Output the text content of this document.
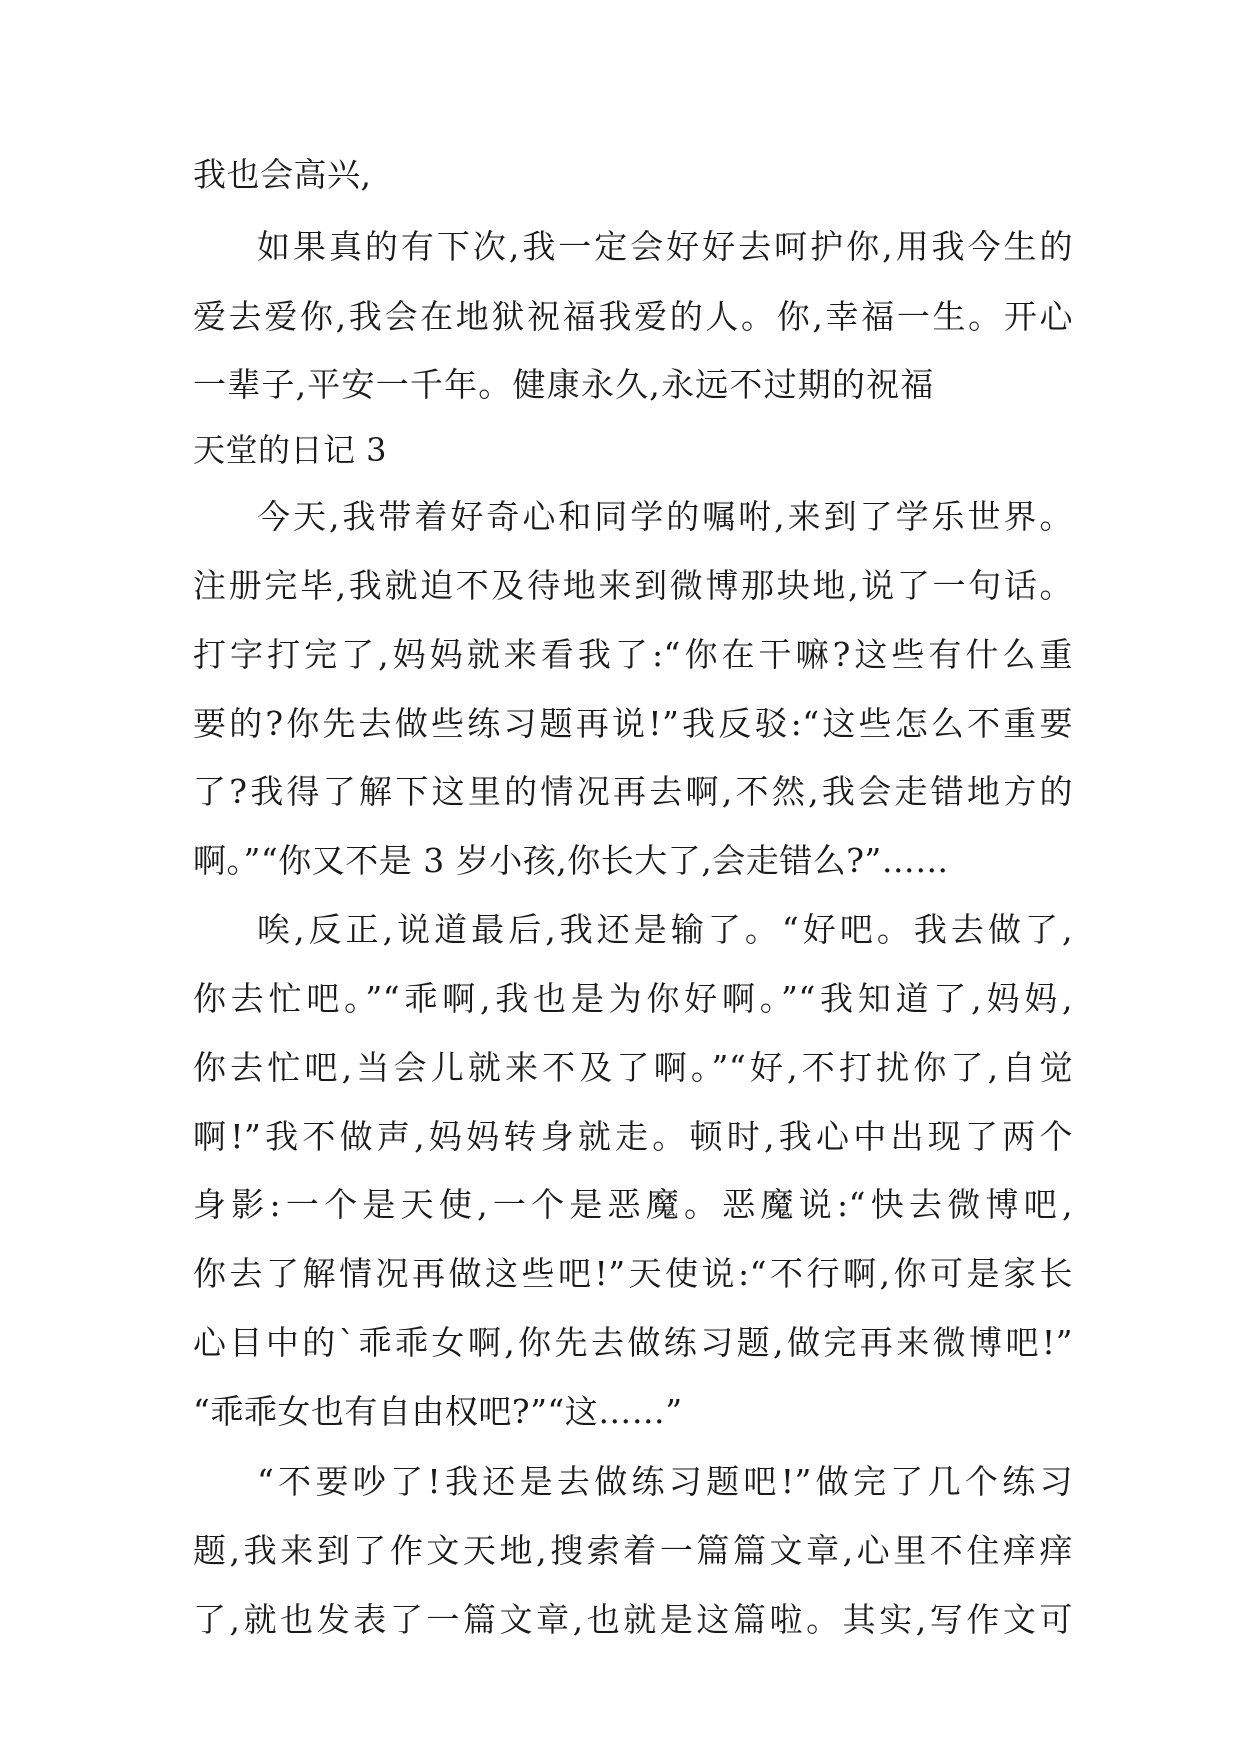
我也会高兴,
如果真的有下次,我一定会好好去呵护你,用我今生的
爱去爱你,我会在地狱祝福我爱的人。你,幸福一生。开心
一辈子,平安一千年。健康永久,永远不过期的祝福
天堂的日记 3
今天,我带着好奇心和同学的嘱咐,来到了学乐世界。
注册完毕,我就迫不及待地来到微博那块地,说了一句话。
打字打完了,妈妈就来看我了:“你在干嘛?这些有什么重
要的?你先去做些练习题再说!”我反驳:“这些怎么不重要
了?我得了解下这里的情况再去啊,不然,我会走错地方的
啊。”“你又不是 3 岁小孩,你长大了,会走错么?”……
唉,反正,说道最后,我还是输了。“好吧。我去做了,
你去忙吧。”“乖啊,我也是为你好啊。”“我知道了,妈妈,
你去忙吧,当会儿就来不及了啊。”“好,不打扰你了,自觉
啊!”我不做声,妈妈转身就走。顿时,我心中出现了两个
身影:一个是天使,一个是恶魔。恶魔说:“快去微博吧,
你去了解情况再做这些吧!”天使说:“不行啊,你可是家长
心目中的`乖乖女啊,你先去做练习题,做完再来微博吧!”
“乖乖女也有自由权吧?”“这……”
“不要吵了!我还是去做练习题吧!”做完了几个练习
题,我来到了作文天地,搜索着一篇篇文章,心里不住痒痒
了,就也发表了一篇文章,也就是这篇啦。其实,写作文可
